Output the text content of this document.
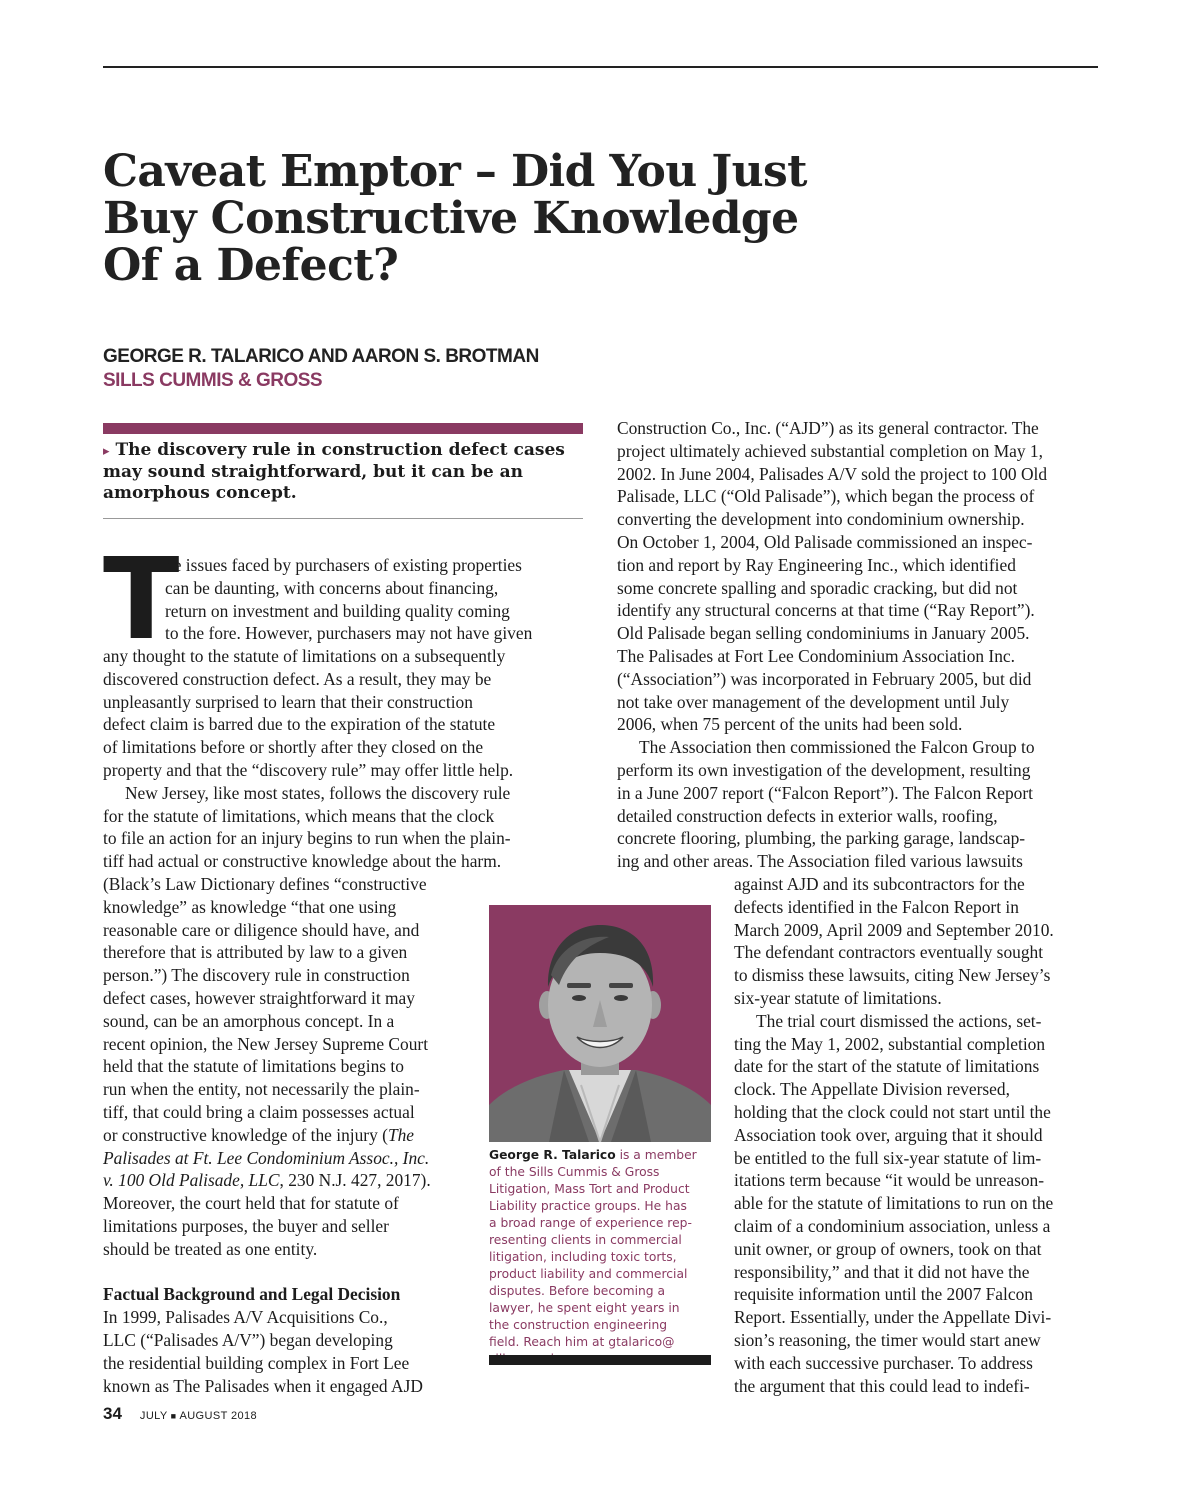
Caveat Emptor – Did You Just
Buy Constructive Knowledge
Of a Defect?
GEORGE R. TALARICO AND AARON S. BROTMAN
SILLS CUMMIS & GROSS
▸ The discovery rule in construction defect cases
may sound straightforward, but it can be an
amorphous concept.
T
he issues faced by purchasers of existing properties
can be daunting, with concerns about financing,
return on investment and building quality coming
to the fore. However, purchasers may not have given
any thought to the statute of limitations on a subsequently
discovered construction defect. As a result, they may be
unpleasantly surprised to learn that their construction
defect claim is barred due to the expiration of the statute
of limitations before or shortly after they closed on the
property and that the “discovery rule” may offer little help.
New Jersey, like most states, follows the discovery rule
for the statute of limitations, which means that the clock
to file an action for an injury begins to run when the plain-
tiff had actual or constructive knowledge about the harm.
(Black’s Law Dictionary defines “constructive
knowledge” as knowledge “that one using
reasonable care or diligence should have, and
therefore that is attributed by law to a given
person.”) The discovery rule in construction
defect cases, however straightforward it may
sound, can be an amorphous concept. In a
recent opinion, the New Jersey Supreme Court
held that the statute of limitations begins to
run when the entity, not necessarily the plain-
tiff, that could bring a claim possesses actual
or constructive knowledge of the injury (The
Palisades at Ft. Lee Condominium Assoc., Inc.
v. 100 Old Palisade, LLC, 230 N.J. 427, 2017).
Moreover, the court held that for statute of
limitations purposes, the buyer and seller
should be treated as one entity.
Factual Background and Legal Decision
In 1999, Palisades A/V Acquisitions Co.,
LLC (“Palisades A/V”) began developing
the residential building complex in Fort Lee
known as The Palisades when it engaged AJD
Construction Co., Inc. (“AJD”) as its general contractor. The
project ultimately achieved substantial completion on May 1,
2002. In June 2004, Palisades A/V sold the project to 100 Old
Palisade, LLC (“Old Palisade”), which began the process of
converting the development into condominium ownership.
On October 1, 2004, Old Palisade commissioned an inspec-
tion and report by Ray Engineering Inc., which identified
some concrete spalling and sporadic cracking, but did not
identify any structural concerns at that time (“Ray Report”).
Old Palisade began selling condominiums in January 2005.
The Palisades at Fort Lee Condominium Association Inc.
(“Association”) was incorporated in February 2005, but did
not take over management of the development until July
2006, when 75 percent of the units had been sold.
The Association then commissioned the Falcon Group to
perform its own investigation of the development, resulting
in a June 2007 report (“Falcon Report”). The Falcon Report
detailed construction defects in exterior walls, roofing,
concrete flooring, plumbing, the parking garage, landscap-
ing and other areas. The Association filed various lawsuits
against AJD and its subcontractors for the
defects identified in the Falcon Report in
March 2009, April 2009 and September 2010.
The defendant contractors eventually sought
to dismiss these lawsuits, citing New Jersey’s
six-year statute of limitations.
The trial court dismissed the actions, set-
ting the May 1, 2002, substantial completion
date for the start of the statute of limitations
clock. The Appellate Division reversed,
holding that the clock could not start until the
Association took over, arguing that it should
be entitled to the full six-year statute of lim-
itations term because “it would be unreason-
able for the statute of limitations to run on the
claim of a condominium association, unless a
unit owner, or group of owners, took on that
responsibility,” and that it did not have the
requisite information until the 2007 Falcon
Report. Essentially, under the Appellate Divi-
sion’s reasoning, the timer would start anew
with each successive purchaser. To address
the argument that this could lead to indefi-
George R. Talarico is a member
of the Sills Cummis & Gross
Litigation, Mass Tort and Product
Liability practice groups. He has
a broad range of experience rep-
resenting clients in commercial
litigation, including toxic torts,
product liability and commercial
disputes. Before becoming a
lawyer, he spent eight years in
the construction engineering
field. Reach him at gtalarico@
34 JULY ■ AUGUST 2018
